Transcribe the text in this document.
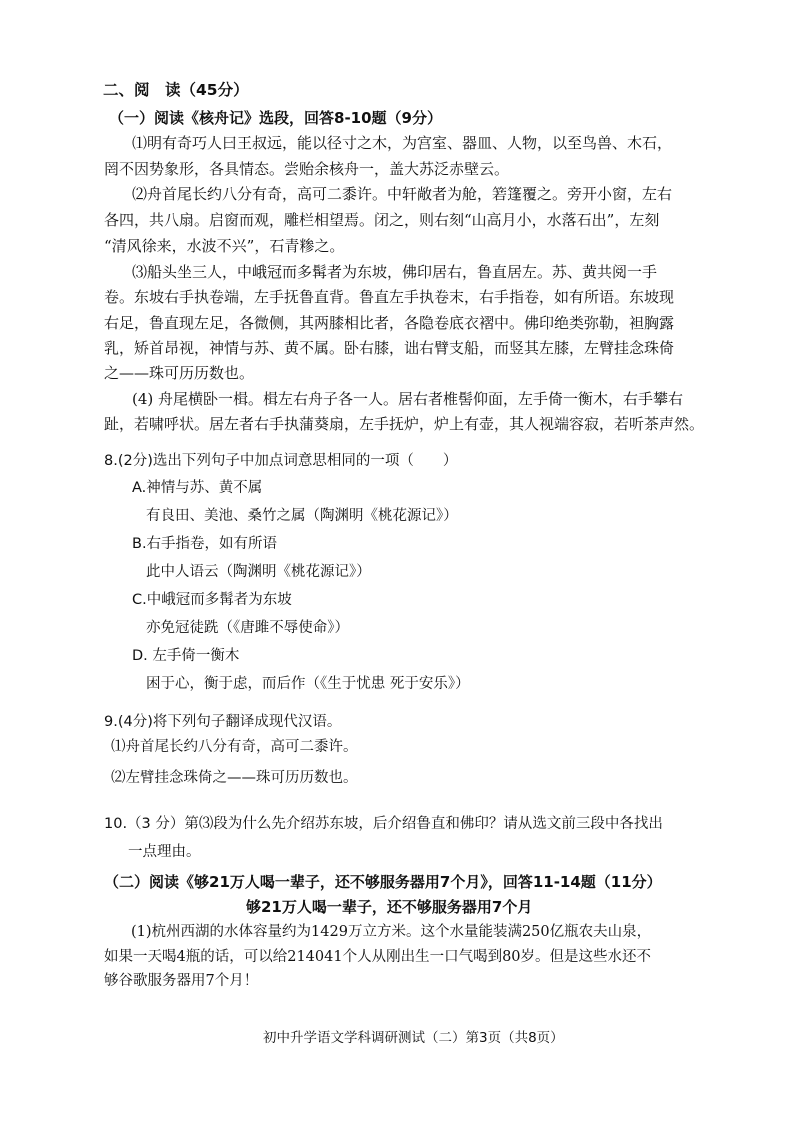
二、阅　读（45分）

（一）阅读《核舟记》选段，回答8-10题（9分）

⑴明有奇巧人曰王叔远，能以径寸之木，为宫室、器皿、人物，以至鸟兽、木石，

罔不因势象形，各具情态。尝贻余核舟一，盖大苏泛赤壁云。

⑵舟首尾长约八分有奇，高可二黍许。中轩敞者为舱，箬篷覆之。旁开小窗，左右

各四，共八扇。启窗而观，雕栏相望焉。闭之，则右刻“山高月小，水落石出”，左刻

“清风徐来，水波不兴”，石青糁之。

⑶船头坐三人，中峨冠而多髯者为东坡，佛印居右，鲁直居左。苏、黄共阅一手

卷。东坡右手执卷端，左手抚鲁直背。鲁直左手执卷末，右手指卷，如有所语。东坡现

右足，鲁直现左足，各微侧，其两膝相比者，各隐卷底衣褶中。佛印绝类弥勒，袒胸露

乳，矫首昂视，神情与苏、黄不属。卧右膝，诎右臂支船，而竖其左膝，左臂挂念珠倚

之——珠可历历数也。

(4) 舟尾横卧一楫。楫左右舟子各一人。居右者椎髻仰面，左手倚一衡木，右手攀右

趾，若啸呼状。居左者右手执蒲葵扇，左手抚炉，炉上有壶，其人视端容寂，若听茶声然。

8.(2分)选出下列句子中加点词意思相同的一项（　　）

A.神情与苏、黄不属

有良田、美池、桑竹之属（陶渊明《桃花源记》）

B.右手指卷，如有所语

此中人语云（陶渊明《桃花源记》）

C.中峨冠而多髯者为东坡

亦免冠徒跣（《唐雎不辱使命》）

D. 左手倚一衡木

困于心，衡于虑，而后作（《生于忧患 死于安乐》）

9.(4分)将下列句子翻译成现代汉语。

⑴舟首尾长约八分有奇，高可二黍许。

⑵左臂挂念珠倚之——珠可历历数也。

10.（3 分）第⑶段为什么先介绍苏东坡，后介绍鲁直和佛印？请从选文前三段中各找出

一点理由。

（二）阅读《够21万人喝一辈子，还不够服务器用7个月》，回答11-14题（11分）

够21万人喝一辈子，还不够服务器用7个月

(1)杭州西湖的水体容量约为1429万立方米。这个水量能装满250亿瓶农夫山泉，

如果一天喝4瓶的话，可以给214041个人从刚出生一口气喝到80岁。但是这些水还不

够谷歌服务器用7个月！

初中升学语文学科调研测试（二）第3页（共8页）
